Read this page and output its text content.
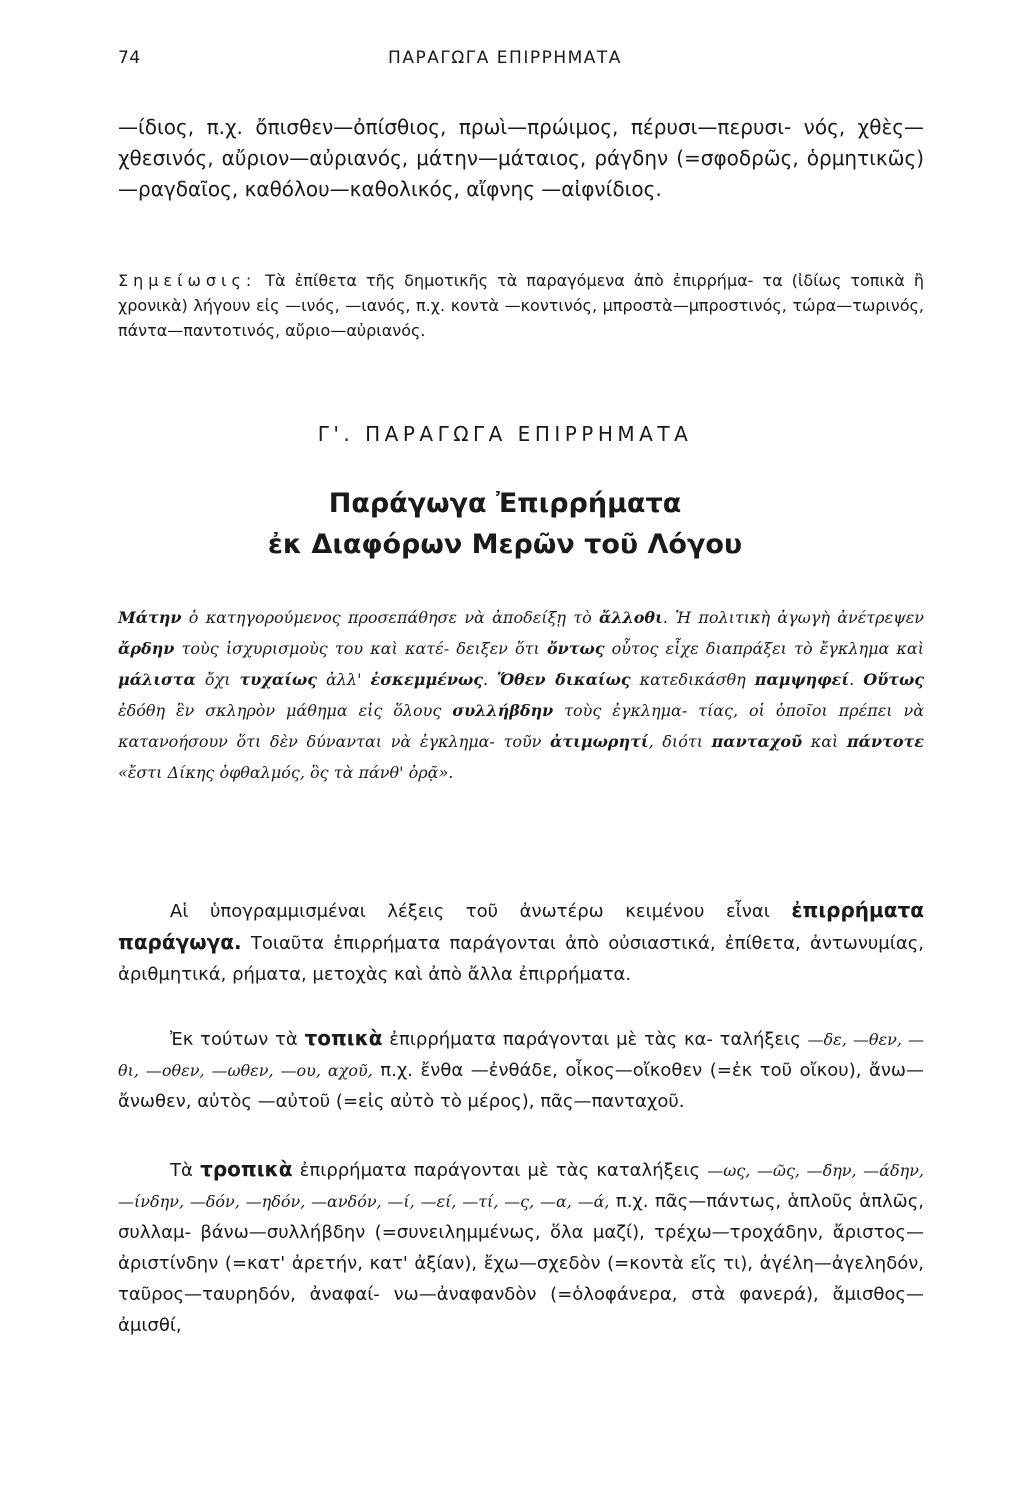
74	ΠΑΡΑΓΩΓΑ ΕΠΙΡΡΗΜΑΤΑ

—ίδιος, π.χ. ὄπισθεν—ὀπίσθιος, πρωὶ—πρώιμος, πέρυσι—περυσι- νός, χθὲς—χθεσινός, αὔριον—αὐριανός, μάτην—μάταιος, ράγδην (=σφοδρῶς, ὁρμητικῶς)—ραγδαῖος, καθόλου—καθολικός, αἴφνης —αἰφνίδιος.

Σημείωσις: Τὰ ἐπίθετα τῆς δημοτικῆς τὰ παραγόμενα ἀπὸ ἐπιρρήμα- τα (ἰδίως τοπικὰ ἢ χρονικὰ) λήγουν εἰς —ινός, —ιανός, π.χ. κοντὰ —κοντινός, μπροστὰ—μπροστινός, τώρα—τωρινός, πάντα—παντοτινός, αὔριο—αὐριανός.

Γ'. ΠΑΡΑΓΩΓΑ ΕΠΙΡΡΗΜΑΤΑ
Παράγωγα Ἐπιρρήματα
ἐκ Διαφόρων Μερῶν τοῦ Λόγου

Μάτην ὁ κατηγορούμενος προσεπάθησε νὰ ἀποδείξῃ τὸ ἄλλοθι. Ἡ πολιτικὴ ἀγωγὴ ἀνέτρεψεν ἄρδην τοὺς ἰσχυρισμοὺς του καὶ κατέ- δειξεν ὅτι ὄντως οὗτος εἶχε διαπράξει τὸ ἔγκλημα καὶ μάλιστα ὄχι τυχαίως ἀλλ' ἐσκεμμένως. Ὅθεν δικαίως κατεδικάσθη παμψηφεί. Οὕτως ἐδόθη ἓν σκληρὸν μάθημα εἰς ὅλους συλλήβδην τοὺς ἐγκλημα- τίας, οἱ ὁποῖοι πρέπει νὰ κατανοήσουν ὅτι δὲν δύνανται νὰ ἐγκλημα- τοῦν ἀτιμωρητί, διότι πανταχοῦ καὶ πάντοτε «ἔστι Δίκης ὀφθαλμός, ὃς τὰ πάνθ' ὁρᾷ».

Αἱ ὑπογραμμισμέναι λέξεις τοῦ ἀνωτέρω κειμένου εἶναι ἐπιρρήματα παράγωγα. Τοιαῦτα ἐπιρρήματα παράγονται ἀπὸ οὐσιαστικά, ἐπίθετα, ἀντωνυμίας, ἀριθμητικά, ρήματα, μετοχὰς καὶ ἀπὸ ἄλλα ἐπιρρήματα.

Ἐκ τούτων τὰ τοπικὰ ἐπιρρήματα παράγονται μὲ τὰς κα- ταλήξεις —δε, —θεν, —θι, —οθεν, —ωθεν, —ου, αχοῦ, π.χ. ἔνθα —ἐνθάδε, οἶκος—οἴκοθεν (=ἐκ τοῦ οἴκου), ἄνω—ἄνωθεν, αὐτὸς —αὐτοῦ (=εἰς αὐτὸ τὸ μέρος), πᾶς—πανταχοῦ.

Τὰ τροπικὰ ἐπιρρήματα παράγονται μὲ τὰς καταλήξεις —ως, —ῶς, —δην, —άδην, —ίνδην, —δόν, —ηδόν, —ανδόν, —ί, —εί, —τί, —ς, —α, —ά, π.χ. πᾶς—πάντως, ἁπλοῦς ἁπλῶς, συλλαμ- βάνω—συλλήβδην (=συνειλημμένως, ὅλα μαζί), τρέχω—τροχάδην, ἄριστος—ἀριστίνδην (=κατ' ἀρετήν, κατ' ἀξίαν), ἔχω—σχεδὸν (=κοντὰ εἴς τι), ἀγέλη—ἀγεληδόν, ταῦρος—ταυρηδόν, ἀναφαί- νω—ἀναφανδὸν (=ὁλοφάνερα, στὰ φανερά), ἄμισθος—ἀμισθί,
